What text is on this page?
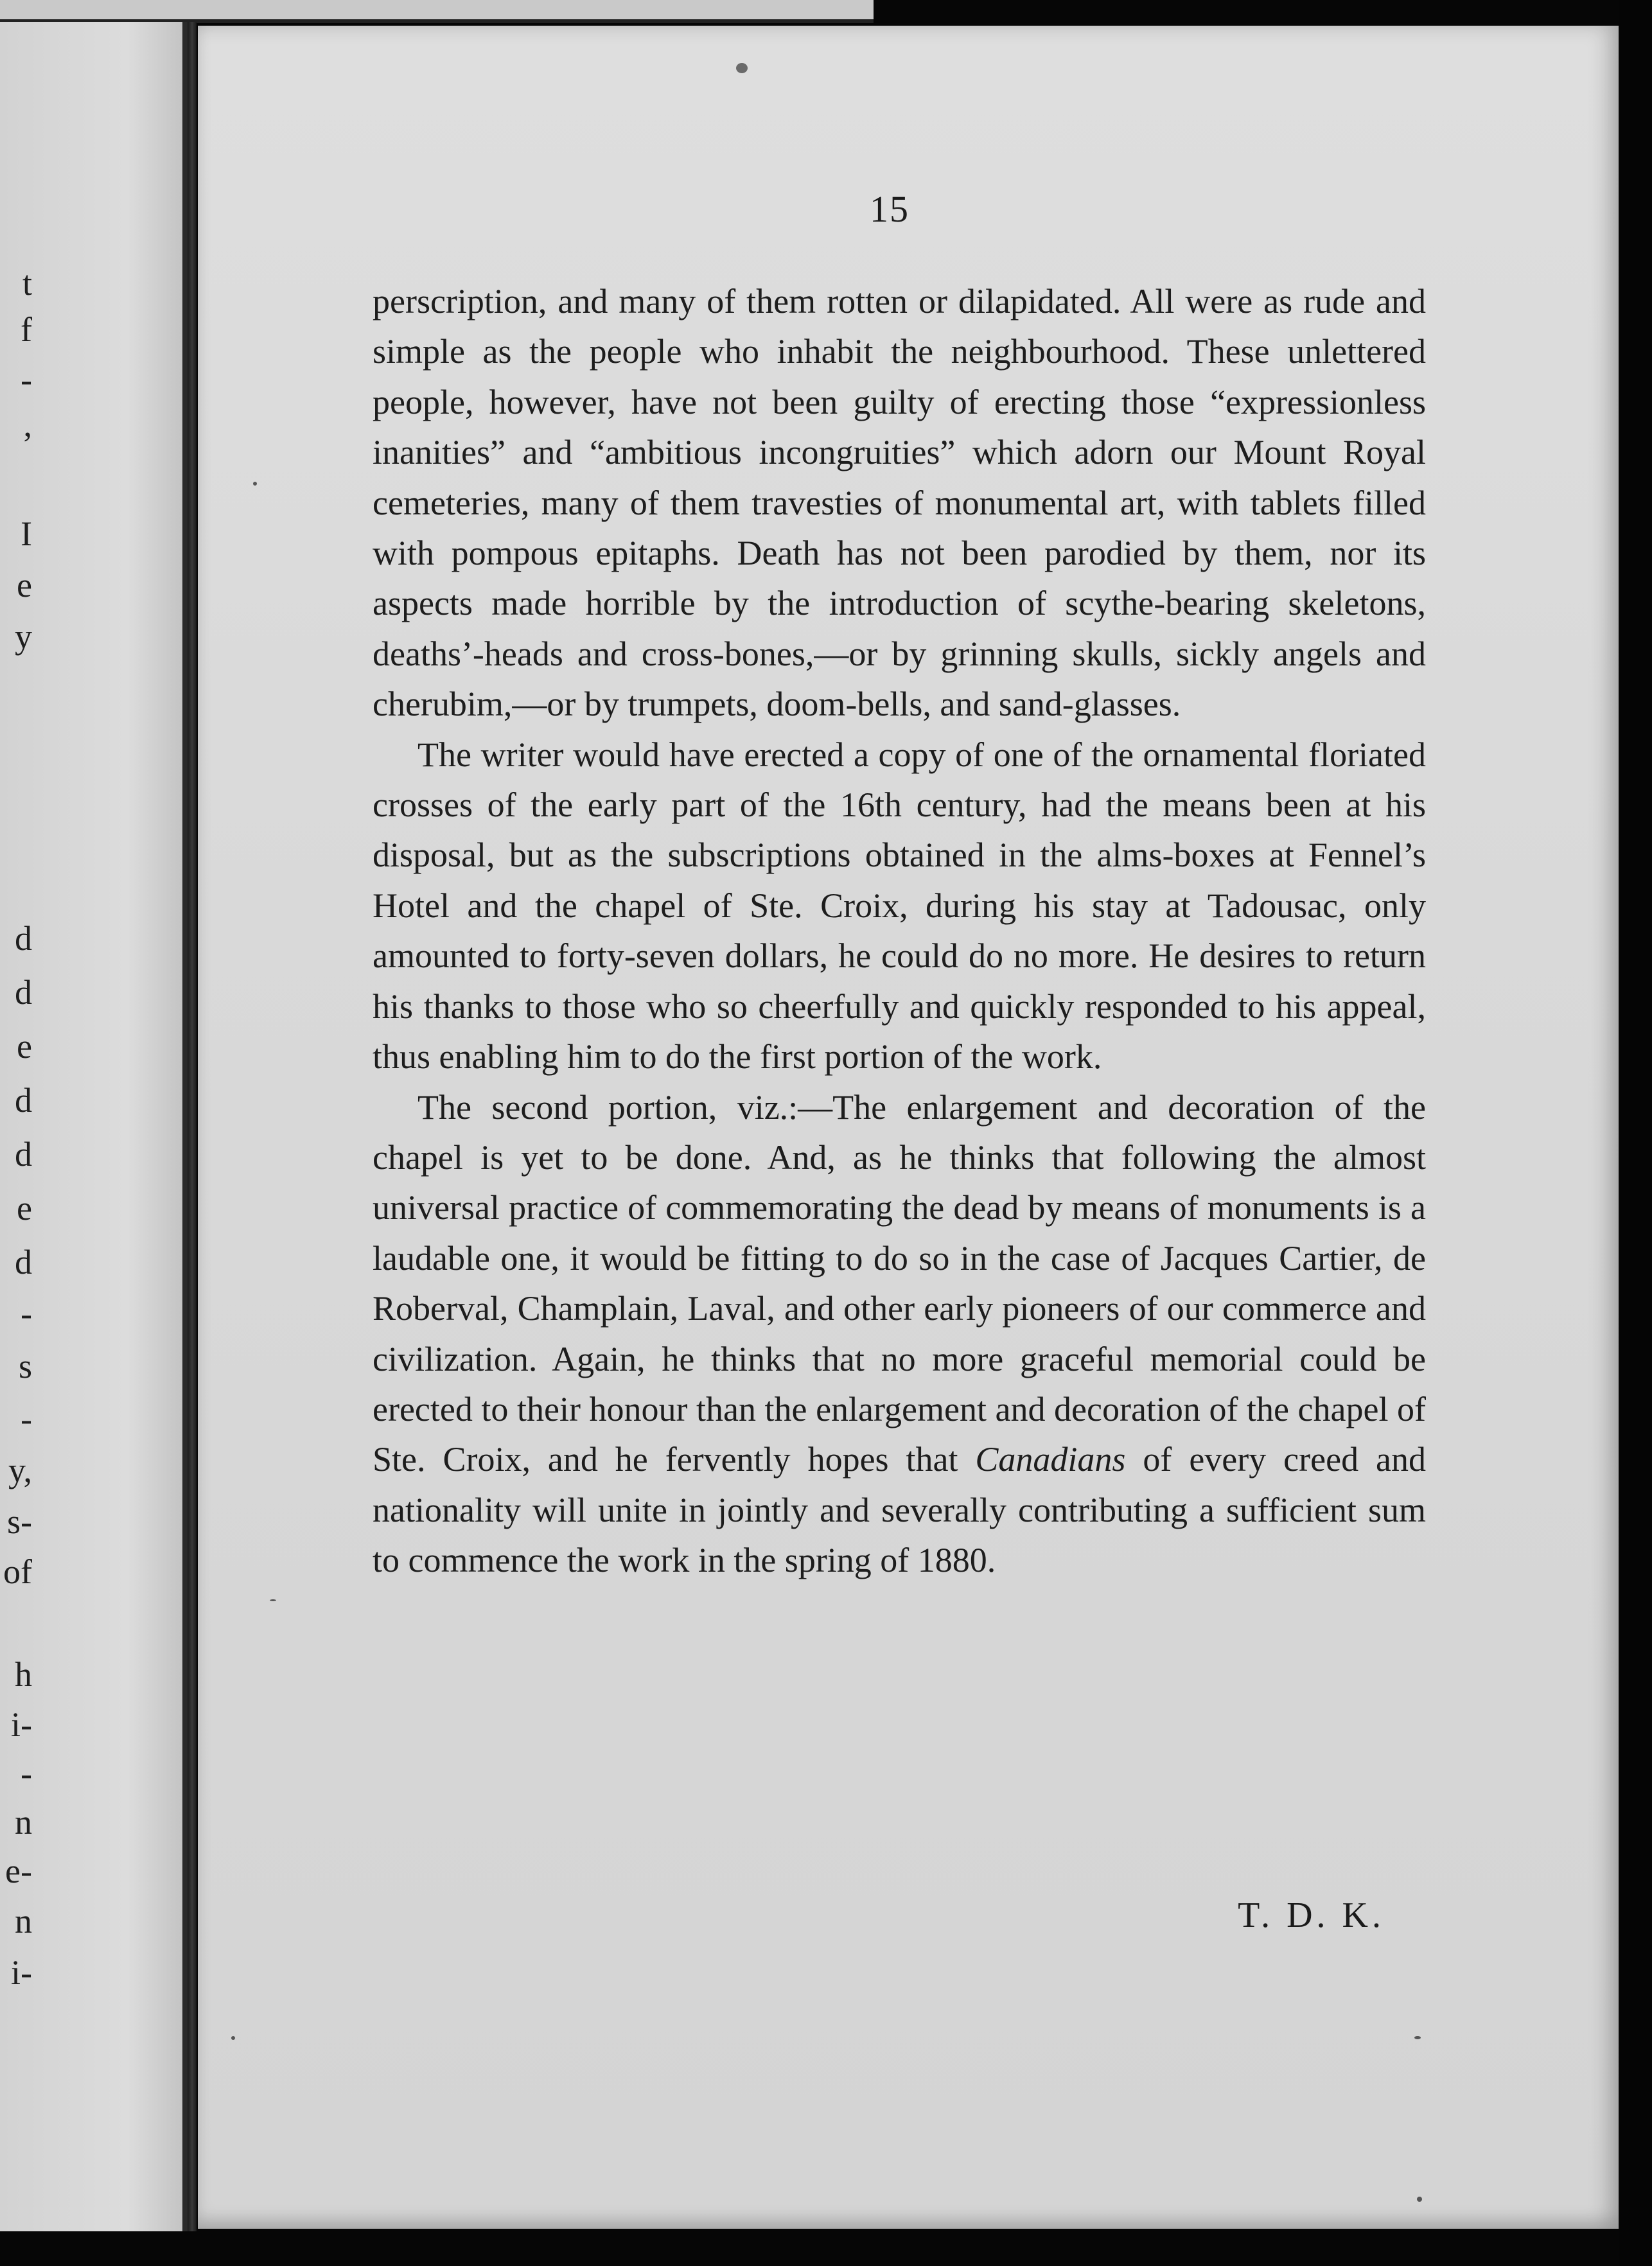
t
f
-
,
I
e
y
d
d
e
d
d
e
d
-
s
-
y,
s-
of
h
i-
-
n
e-
n
i-
15

perscription, and many of them rotten or dilapidated. All were as rude and simple as the people who inhabit the neighbourhood. These unlettered people, however, have not been guilty of erecting those “expressionless inanities” and “ambitious incongruities” which adorn our Mount Royal cemeteries, many of them travesties of monumental art, with tablets filled with pompous epitaphs. Death has not been parodied by them, nor its aspects made horrible by the introduction of scythe-bearing skeletons, deaths’-heads and cross-bones,—or by grinning skulls, sickly angels and cherubim,—or by trumpets, doom-bells, and sand-glasses.

The writer would have erected a copy of one of the ornamental floriated crosses of the early part of the 16th century, had the means been at his disposal, but as the subscriptions obtained in the alms-boxes at Fennel’s Hotel and the chapel of Ste. Croix, during his stay at Tadousac, only amounted to forty-seven dollars, he could do no more. He desires to return his thanks to those who so cheerfully and quickly responded to his appeal, thus enabling him to do the first portion of the work.

The second portion, viz.:—The enlargement and decoration of the chapel is yet to be done. And, as he thinks that following the almost universal practice of commemorating the dead by means of monuments is a laudable one, it would be fitting to do so in the case of Jacques Cartier, de Roberval, Champlain, Laval, and other early pioneers of our commerce and civilization. Again, he thinks that no more graceful memorial could be erected to their honour than the enlargement and decoration of the chapel of Ste. Croix, and he fervently hopes that Canadians of every creed and nationality will unite in jointly and severally contributing a sufficient sum to commence the work in the spring of 1880.

T. D. K.
